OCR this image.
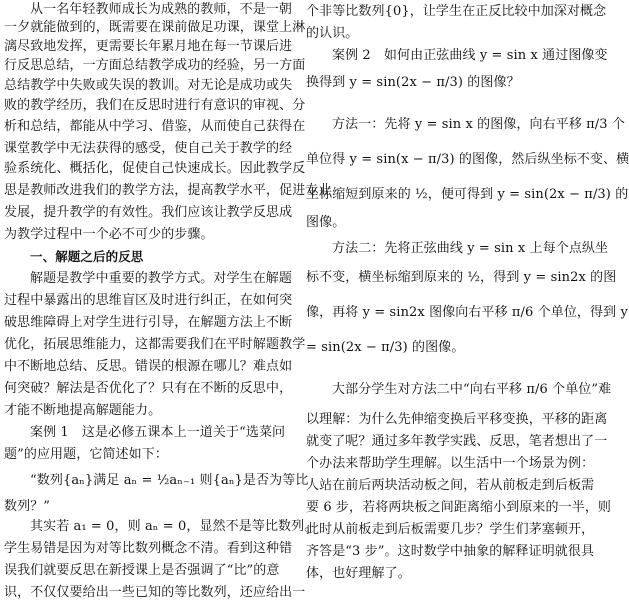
从一名年轻教师成长为成熟的教师，不是一朝
一夕就能做到的，既需要在课前做足功课，课堂上淋
漓尽致地发挥，更需要长年累月地在每一节课后进
行反思总结，一方面总结教学成功的经验，另一方面
总结教学中失败或失误的教训。对无论是成功或失
败的教学经历，我们在反思时进行有意识的审视、分
析和总结，都能从中学习、借鉴，从而使自己获得在
课堂教学中无法获得的感受，使自己关于教学的经
验系统化、概括化，促使自己快速成长。因此教学反
思是教师改进我们的教学方法，提高教学水平，促进专业
发展，提升教学的有效性。我们应该让教学反思成
为教学过程中一个必不可少的步骤。
一、解题之后的反思
解题是教学中重要的教学方式。对学生在解题
过程中暴露出的思维盲区及时进行纠正，在如何突
破思维障碍上对学生进行引导，在解题方法上不断
优化，拓展思维能力，这都需要我们在平时解题教学
中不断地总结、反思。错误的根源在哪儿？难点如
何突破？解法是否优化了？只有在不断的反思中，
才能不断地提高解题能力。
案例 1　这是必修五课本上一道关于“选菜问
题”的应用题，它简述如下：
“数列{aₙ}满足 aₙ = ½aₙ₋₁ 则{aₙ}是否为等比
数列？”
其实若 a₁ = 0，则 aₙ = 0，显然不是等比数列。
学生易错是因为对等比数列概念不清。看到这种错
误我们就要反思在新授课上是否强调了“比”的意
识，不仅仅要给出一些已知的等比数列，还应给出一
个非等比数列{0}，让学生在正反比较中加深对概念
的认识。
案例 2　如何由正弦曲线 y = sin x 通过图像变
换得到 y = sin(2x − π/3) 的图像？
方法一：先将 y = sin x 的图像，向右平移 π/3 个
单位得 y = sin(x − π/3) 的图像，然后纵坐标不变、横
坐标缩短到原来的 ½，便可得到 y = sin(2x − π/3) 的
图像。
方法二：先将正弦曲线 y = sin x 上每个点纵坐
标不变，横坐标缩到原来的 ½，得到 y = sin2x 的图
像，再将 y = sin2x 图像向右平移 π/6 个单位，得到 y
= sin(2x − π/3) 的图像。
大部分学生对方法二中“向右平移 π/6 个单位”难
以理解：为什么先伸缩变换后平移变换，平移的距离
就变了呢？通过多年教学实践、反思，笔者想出了一
个办法来帮助学生理解。以生活中一个场景为例：
人站在前后两块活动板之间，若从前板走到后板需
要 6 步，若将两块板之间距离缩小到原来的一半，则
此时从前板走到后板需要几步？学生们茅塞顿开，
齐答是“3 步”。这时数学中抽象的解释证明就很具
体，也好理解了。
